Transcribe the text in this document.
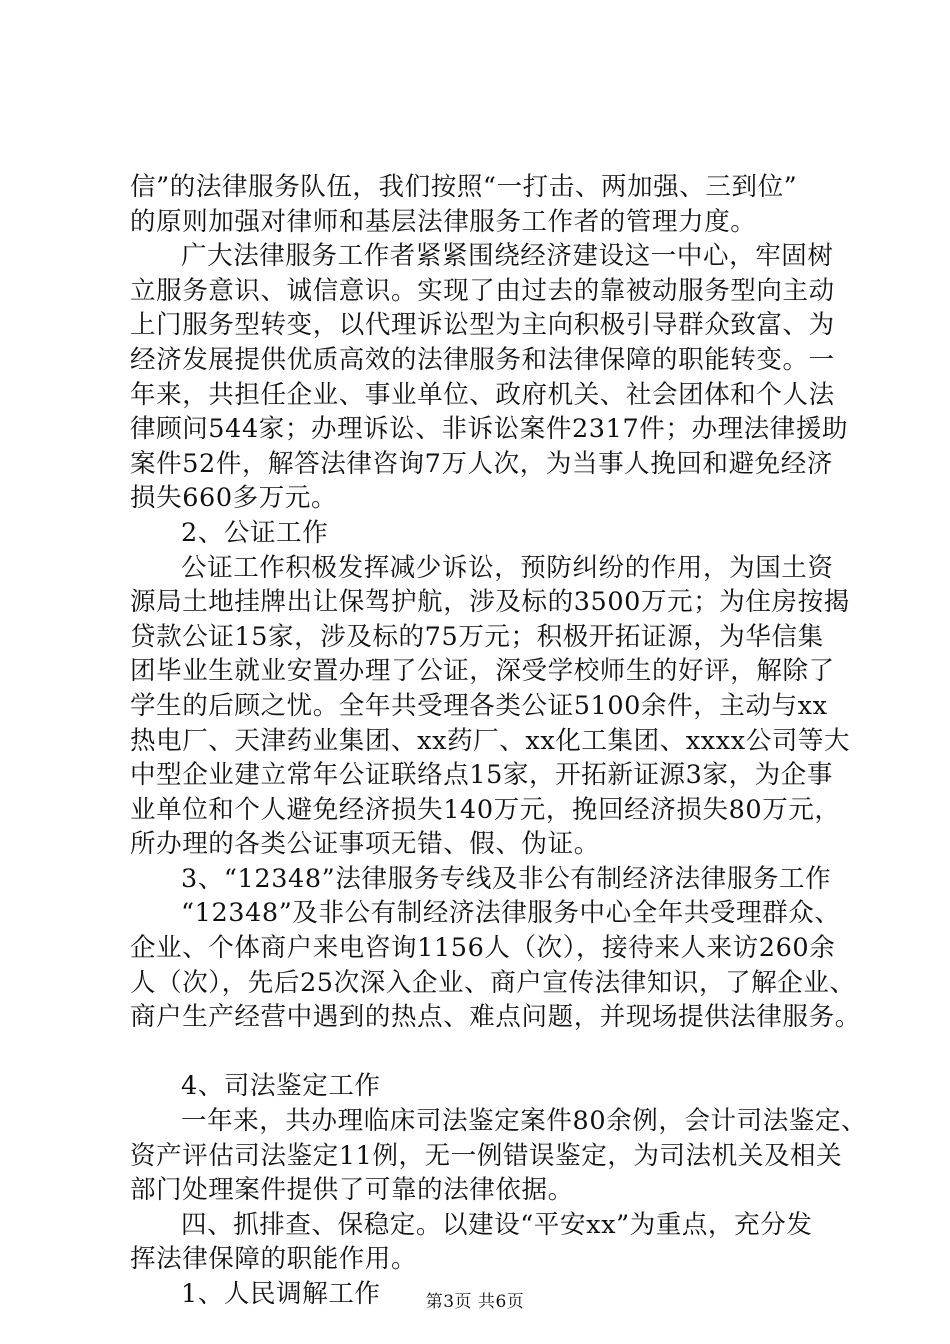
信”的法律服务队伍，我们按照“一打击、两加强、三到位”
的原则加强对律师和基层法律服务工作者的管理力度。
广大法律服务工作者紧紧围绕经济建设这一中心，牢固树
立服务意识、诚信意识。实现了由过去的靠被动服务型向主动
上门服务型转变，以代理诉讼型为主向积极引导群众致富、为
经济发展提供优质高效的法律服务和法律保障的职能转变。一
年来，共担任企业、事业单位、政府机关、社会团体和个人法
律顾问544家；办理诉讼、非诉讼案件2317件；办理法律援助
案件52件，解答法律咨询7万人次，为当事人挽回和避免经济
损失660多万元。
2、公证工作
公证工作积极发挥减少诉讼，预防纠纷的作用，为国土资
源局土地挂牌出让保驾护航，涉及标的3500万元；为住房按揭
贷款公证15家，涉及标的75万元；积极开拓证源，为华信集
团毕业生就业安置办理了公证，深受学校师生的好评，解除了
学生的后顾之忧。全年共受理各类公证5100余件，主动与xx
热电厂、天津药业集团、xx药厂、xx化工集团、xxxx公司等大
中型企业建立常年公证联络点15家，开拓新证源3家，为企事
业单位和个人避免经济损失140万元，挽回经济损失80万元，
所办理的各类公证事项无错、假、伪证。
3、“12348”法律服务专线及非公有制经济法律服务工作
“12348”及非公有制经济法律服务中心全年共受理群众、
企业、个体商户来电咨询1156人（次），接待来人来访260余
人（次），先后25次深入企业、商户宣传法律知识，了解企业、
商户生产经营中遇到的热点、难点问题，并现场提供法律服务。
4、司法鉴定工作
一年来，共办理临床司法鉴定案件80余例，会计司法鉴定、
资产评估司法鉴定11例，无一例错误鉴定，为司法机关及相关
部门处理案件提供了可靠的法律依据。
四、抓排查、保稳定。以建设“平安xx”为重点，充分发
挥法律保障的职能作用。
1、人民调解工作	第3页 共6页
